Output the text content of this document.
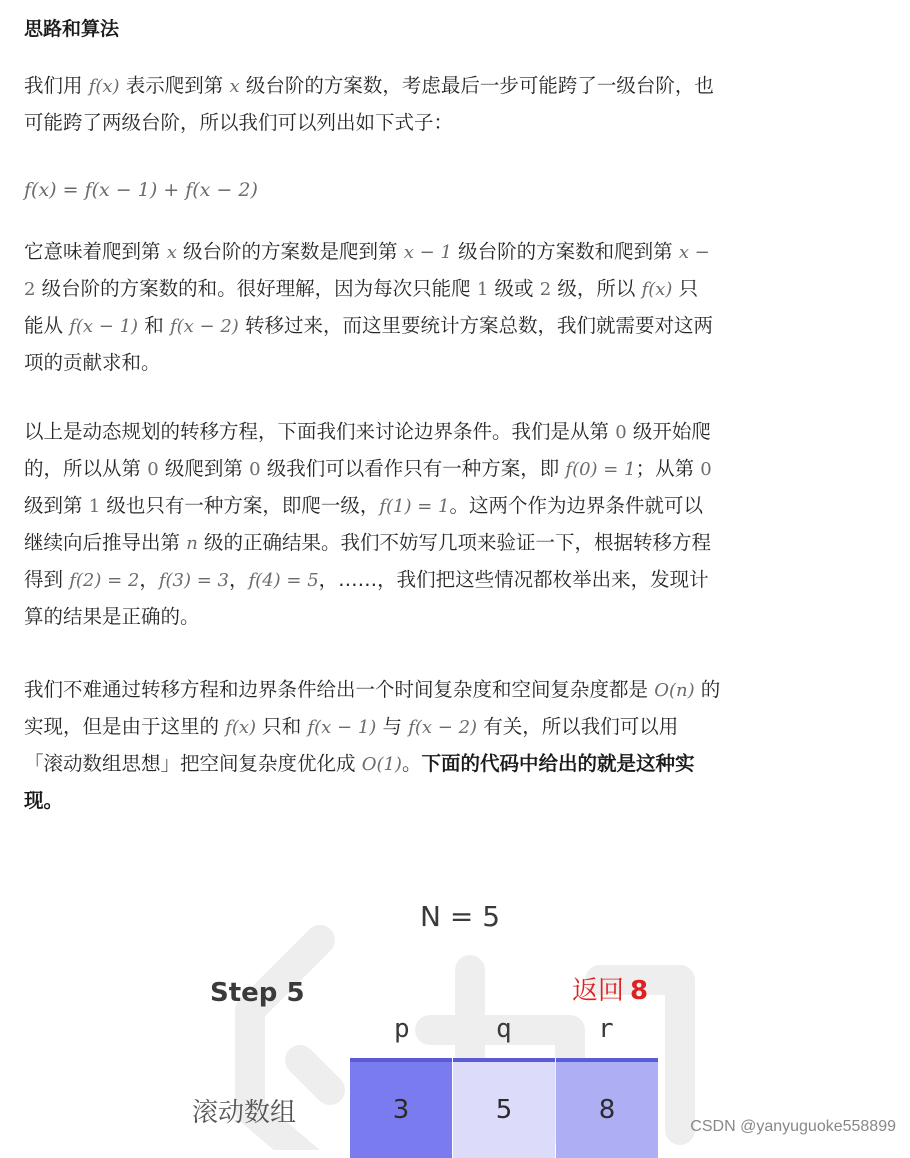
思路和算法
我们用 f(x) 表示爬到第 x 级台阶的方案数，考虑最后一步可能跨了一级台阶，也
可能跨了两级台阶，所以我们可以列出如下式子：
f(x) = f(x − 1) + f(x − 2)
它意味着爬到第 x 级台阶的方案数是爬到第 x − 1 级台阶的方案数和爬到第 x −
2 级台阶的方案数的和。很好理解，因为每次只能爬 1 级或 2 级，所以 f(x) 只
能从 f(x − 1) 和 f(x − 2) 转移过来，而这里要统计方案总数，我们就需要对这两
项的贡献求和。
以上是动态规划的转移方程，下面我们来讨论边界条件。我们是从第 0 级开始爬
的，所以从第 0 级爬到第 0 级我们可以看作只有一种方案，即 f(0) = 1；从第 0
级到第 1 级也只有一种方案，即爬一级，f(1) = 1。这两个作为边界条件就可以
继续向后推导出第 n 级的正确结果。我们不妨写几项来验证一下，根据转移方程
得到 f(2) = 2，f(3) = 3，f(4) = 5，……，我们把这些情况都枚举出来，发现计
算的结果是正确的。
我们不难通过转移方程和边界条件给出一个时间复杂度和空间复杂度都是 O(n) 的
实现，但是由于这里的 f(x) 只和 f(x − 1) 与 f(x − 2) 有关，所以我们可以用
「滚动数组思想」把空间复杂度优化成 O(1)。下面的代码中给出的就是这种实
现。
N = 5
Step 5	返回 8
p	q	r
滚动数组	3	5	8
CSDN @yanyuguoke558899
